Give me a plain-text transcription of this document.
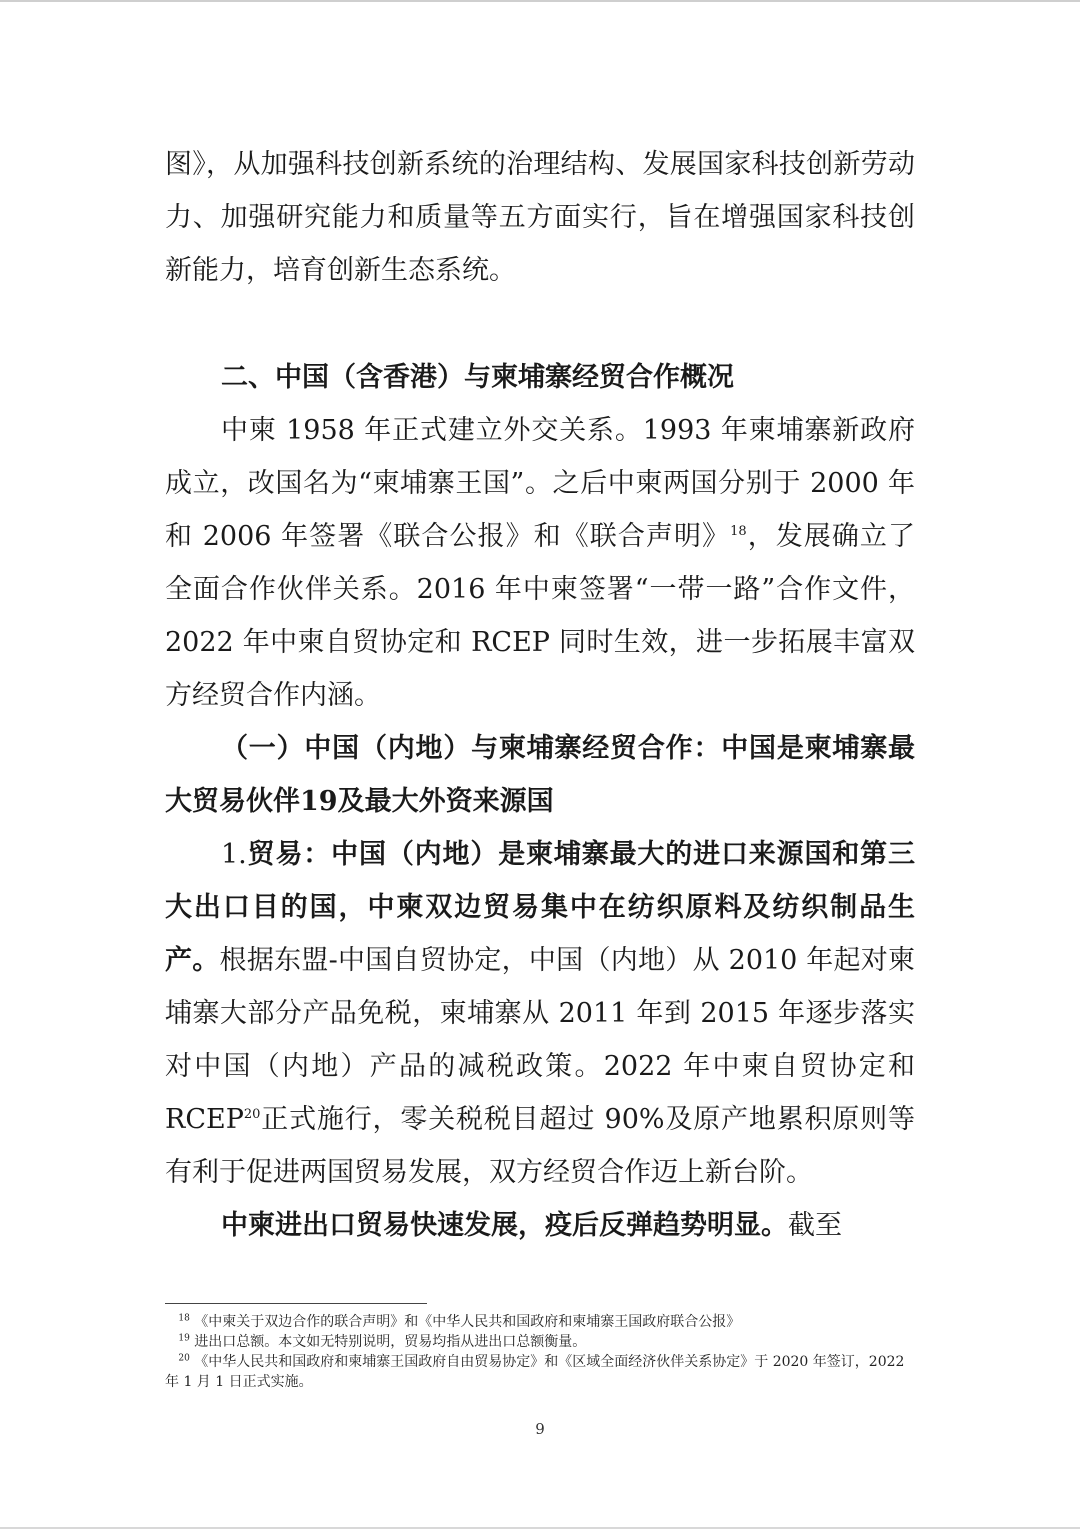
图》，从加强科技创新系统的治理结构、发展国家科技创新劳动力、加强研究能力和质量等五方面实行，旨在增强国家科技创新能力，培育创新生态系统。

二、中国（含香港）与柬埔寨经贸合作概况

中柬 1958 年正式建立外交关系。1993 年柬埔寨新政府成立，改国名为“柬埔寨王国”。之后中柬两国分别于 2000 年和 2006 年签署《联合公报》和《联合声明》$^{18}$，发展确立了全面合作伙伴关系。2016 年中柬签署“一带一路”合作文件，2022 年中柬自贸协定和 RCEP 同时生效，进一步拓展丰富双方经贸合作内涵。

（一）中国（内地）与柬埔寨经贸合作：中国是柬埔寨最大贸易伙伴19及最大外资来源国

1.贸易：中国（内地）是柬埔寨最大的进口来源国和第三大出口目的国，中柬双边贸易集中在纺织原料及纺织制品生产。根据东盟-中国自贸协定，中国（内地）从 2010 年起对柬埔寨大部分产品免税，柬埔寨从 2011 年到 2015 年逐步落实对中国（内地）产品的减税政策。2022 年中柬自贸协定和 RCEP$^{20}$正式施行，零关税税目超过 90%及原产地累积原则等有利于促进两国贸易发展，双方经贸合作迈上新台阶。

中柬进出口贸易快速发展，疫后反弹趋势明显。截至

$^{18}$ 《中柬关于双边合作的联合声明》和《中华人民共和国政府和柬埔寨王国政府联合公报》
$^{19}$ 进出口总额。本文如无特别说明，贸易均指从进出口总额衡量。
$^{20}$ 《中华人民共和国政府和柬埔寨王国政府自由贸易协定》和《区域全面经济伙伴关系协定》于 2020 年签订，2022 年 1 月 1 日正式实施。
9
